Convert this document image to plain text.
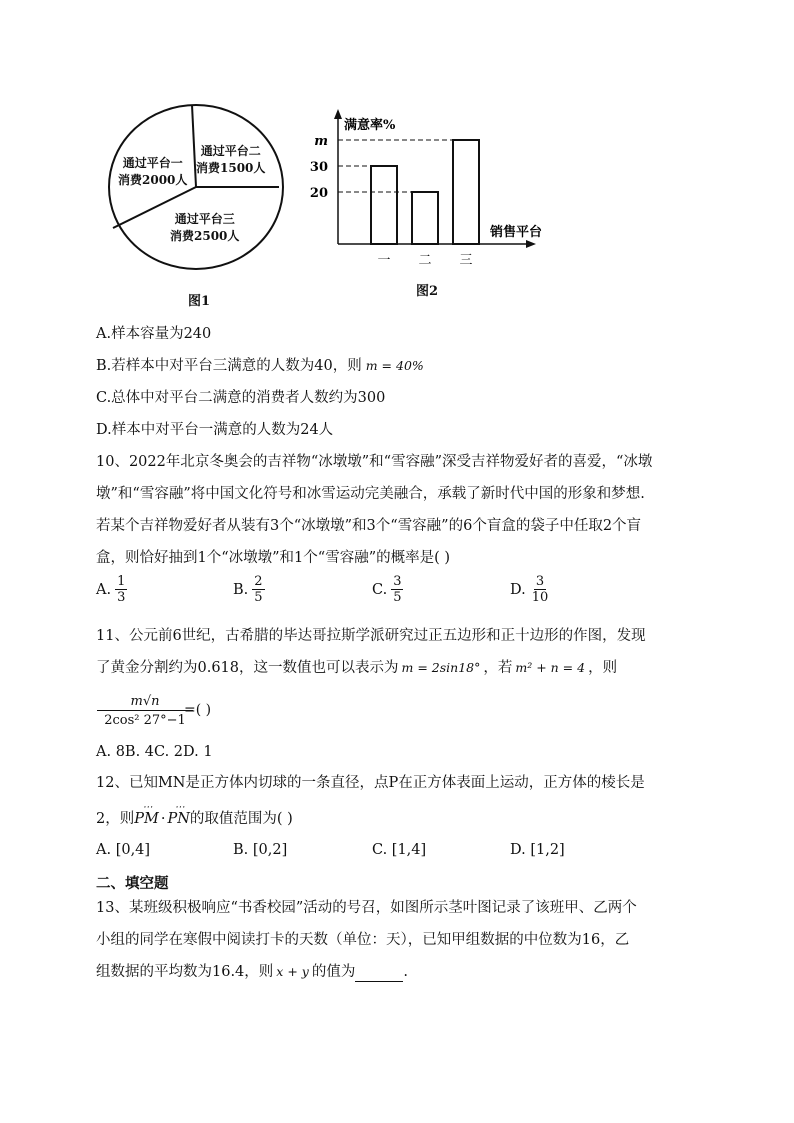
通过平台一
消费2000人
通过平台二
消费1500人
通过平台三
消费2500人
图1
满意率%
销售平台
一 二 三
20
30
m
图2
A.样本容量为240
B.若样本中对平台三满意的人数为40，则 m = 40%
C.总体中对平台二满意的消费者人数约为300
D.样本中对平台一满意的人数为24人
10、2022年北京冬奥会的吉祥物“冰墩墩”和“雪容融”深受吉祥物爱好者的喜爱，“冰墩
墩”和“雪容融”将中国文化符号和冰雪运动完美融合，承载了新时代中国的形象和梦想.
若某个吉祥物爱好者从装有3个“冰墩墩”和3个“雪容融”的6个盲盒的袋子中任取2个盲
盒，则恰好抽到1个“冰墩墩”和1个“雪容融”的概率是( )
A. $\frac{1}{3}$	B. $\frac{2}{5}$	C. $\frac{3}{5}$	D. $\frac{3}{10}$
11、公元前6世纪，古希腊的毕达哥拉斯学派研究过正五边形和正十边形的作图，发现
了黄金分割约为0.618，这一数值也可以表示为 m = 2sin18° ，若 m² + n = 4 ，则
$\frac{m√n}{\text{2cos² 27°−1}}$
=( )
A. 8B. 4C. 2D. 1
12、已知MN是正方体内切球的一条直径，点P在正方体表面上运动，正方体的棱长是
2，则⋯ PM ·⋯ PN的取值范围为( )
A. [0,4]	B. [0,2]	C. [1,4]	D. [1,2]
二、填空题
13、某班级积极响应“书香校园”活动的号召，如图所示茎叶图记录了该班甲、乙两个
小组的同学在寒假中阅读打卡的天数（单位：天），已知甲组数据的中位数为16，乙
组数据的平均数为16.4，则 x + y 的值为	.
